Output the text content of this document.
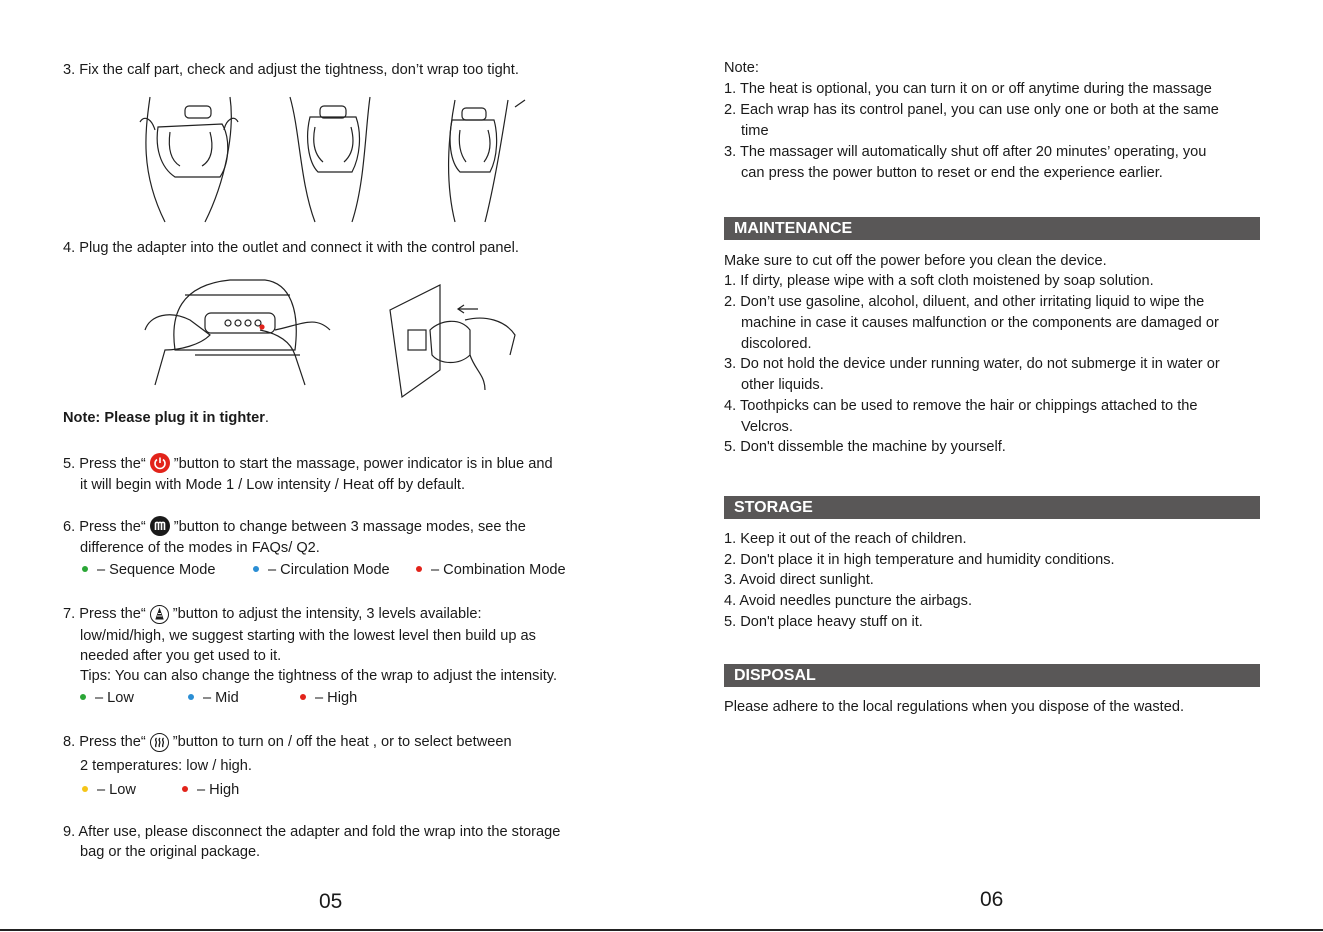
3. Fix the calf part, check and adjust the tightness, don’t wrap too tight.
4. Plug the adapter into the outlet and connect it with the control panel.
Note: Please plug it in tighter.
5. Press the“ ”button to start the massage, power indicator is in blue and
it will begin with Mode 1 / Low intensity / Heat off by default.
6. Press the“ ”button to change between 3 massage modes, see the
difference of the modes in FAQs/ Q2.
– Sequence Mode	– Circulation Mode	– Combination Mode
7. Press the“ ”button to adjust the intensity, 3 levels available:
low/mid/high, we suggest starting with the lowest level then build up as
needed after you get used to it.
Tips: You can also change the tightness of the wrap to adjust the intensity.
– Low	– Mid	– High
8. Press the“ ”button to turn on / off the heat , or to select between
2 temperatures: low / high.
– Low	– High
9. After use, please disconnect the adapter and fold the wrap into the storage
bag or the original package.
05
Note:
1. The heat is optional, you can turn it on or off anytime during the massage
2. Each wrap has its control panel, you can use only one or both at the same
time
3. The massager will automatically shut off after 20 minutes’ operating, you
can press the power button to reset or end the experience earlier.
MAINTENANCE
Make sure to cut off the power before you clean the device.
1. If dirty, please wipe with a soft cloth moistened by soap solution.
2. Don’t use gasoline, alcohol, diluent, and other irritating liquid to wipe the
machine in case it causes malfunction or the components are damaged or
discolored.
3. Do not hold the device under running water, do not submerge it in water or
other liquids.
4. Toothpicks can be used to remove the hair or chippings attached to the
Velcros.
5. Don't dissemble the machine by yourself.
STORAGE
1. Keep it out of the reach of children.
2. Don't place it in high temperature and humidity conditions.
3. Avoid direct sunlight.
4. Avoid needles puncture the airbags.
5. Don't place heavy stuff on it.
DISPOSAL
Please adhere to the local regulations when you dispose of the wasted.
06
